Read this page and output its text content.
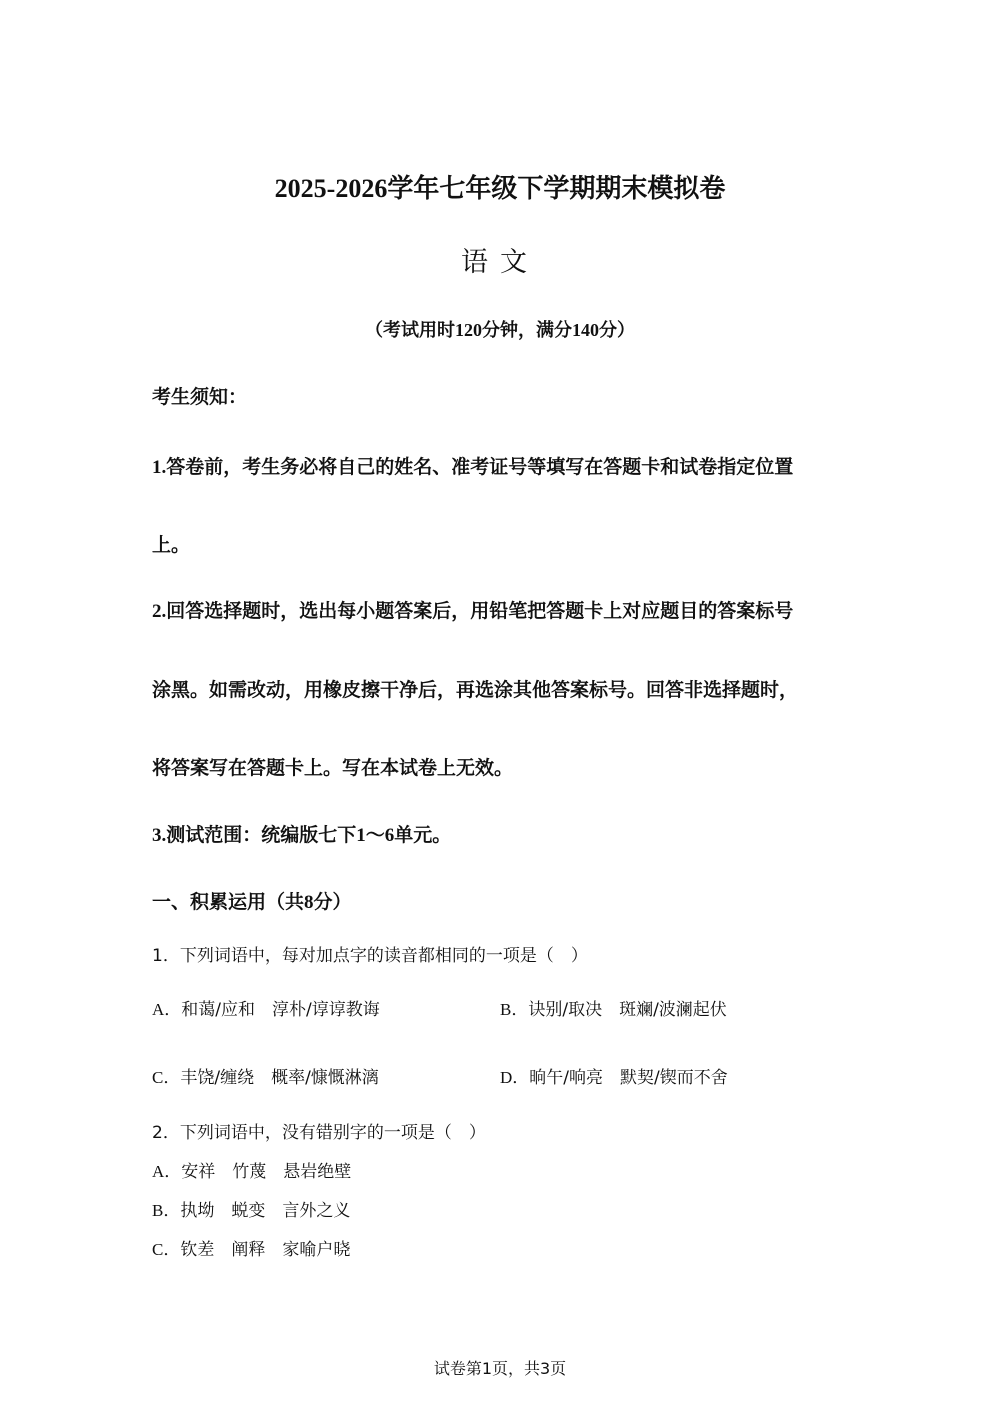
2025-2026学年七年级下学期期末模拟卷
语文
（考试用时120分钟，满分140分）
考生须知：
1.答卷前，考生务必将自己的姓名、准考证号等填写在答题卡和试卷指定位置
上。
2.回答选择题时，选出每小题答案后，用铅笔把答题卡上对应题目的答案标号
涂黑。如需改动，用橡皮擦干净后，再选涂其他答案标号。回答非选择题时，
将答案写在答题卡上。写在本试卷上无效。
3.测试范围：统编版七下1～6单元。
一、积累运用（共8分）
1．下列词语中，每对加点字的读音都相同的一项是（　）
A．和蔼/应和　淳朴/谆谆教诲	B．诀别/取决　斑斓/波澜起伏
C．丰饶/缠绕　概率/慷慨淋漓	D．晌午/响亮　默契/锲而不舍
2．下列词语中，没有错别字的一项是（　）
A．安祥　竹蔑　悬岩绝壁
B．执坳　蜕变　言外之义
C．钦差　阐释　家喻户晓
试卷第1页，共3页
